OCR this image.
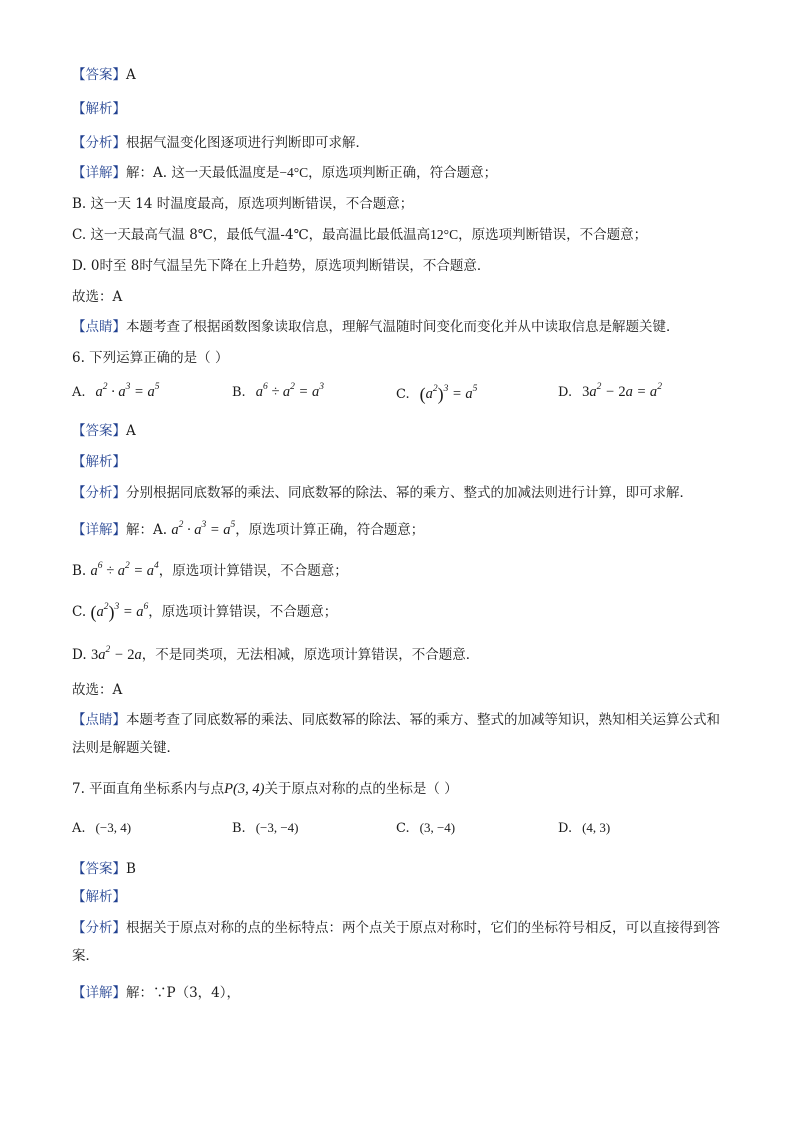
【答案】A
【解析】
【分析】根据气温变化图逐项进行判断即可求解．
【详解】解：A. 这一天最低温度是−4°C，原选项判断正确，符合题意；
B. 这一天 14 时温度最高，原选项判断错误，不合题意；
C. 这一天最高气温 8℃，最低气温-4℃，最高温比最低温高12°C，原选项判断错误，不合题意；
D. 0时至 8时气温呈先下降在上升趋势，原选项判断错误，不合题意．
故选：A
【点睛】本题考查了根据函数图象读取信息，理解气温随时间变化而变化并从中读取信息是解题关键．
6. 下列运算正确的是（ ）
A. $a^2 \cdot a^3 = a^5$	B. $a^6 \div a^2 = a^3$	C. $(a^2)^3 = a^5$	D. $3a^2 - 2a = a^2$
【答案】A
【解析】
【分析】分别根据同底数幂的乘法、同底数幂的除法、幂的乘方、整式的加减法则进行计算，即可求解．
【详解】解：A. $a^2 \cdot a^3 = a^5$，原选项计算正确，符合题意；
B. $a^6 \div a^2 = a^4$，原选项计算错误，不合题意；
C. $(a^2)^3 = a^6$，原选项计算错误，不合题意；
D. $3a^2 - 2a$，不是同类项，无法相减，原选项计算错误，不合题意．
故选：A
【点睛】本题考查了同底数幂的乘法、同底数幂的除法、幂的乘方、整式的加减等知识，熟知相关运算公式和法则是解题关键．
7. 平面直角坐标系内与点P(3, 4)关于原点对称的点的坐标是（ ）
A. (−3, 4)	B. (−3, −4)	C. (3, −4)	D. (4, 3)
【答案】B
【解析】
【分析】根据关于原点对称的点的坐标特点：两个点关于原点对称时，它们的坐标符号相反，可以直接得到答案．
【详解】解：∵P（3，4），
